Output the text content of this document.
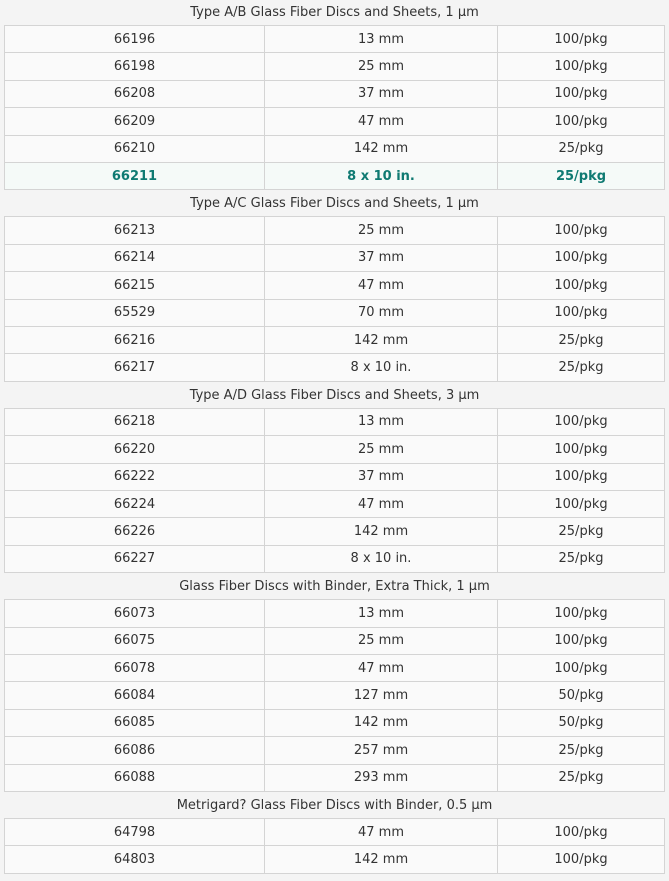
Type A/B Glass Fiber Discs and Sheets, 1 µm
66196	13 mm	100/pkg
66198	25 mm	100/pkg
66208	37 mm	100/pkg
66209	47 mm	100/pkg
66210	142 mm	25/pkg
66211	8 x 10 in.	25/pkg
Type A/C Glass Fiber Discs and Sheets, 1 µm
66213	25 mm	100/pkg
66214	37 mm	100/pkg
66215	47 mm	100/pkg
65529	70 mm	100/pkg
66216	142 mm	25/pkg
66217	8 x 10 in.	25/pkg
Type A/D Glass Fiber Discs and Sheets, 3 µm
66218	13 mm	100/pkg
66220	25 mm	100/pkg
66222	37 mm	100/pkg
66224	47 mm	100/pkg
66226	142 mm	25/pkg
66227	8 x 10 in.	25/pkg
Glass Fiber Discs with Binder, Extra Thick, 1 µm
66073	13 mm	100/pkg
66075	25 mm	100/pkg
66078	47 mm	100/pkg
66084	127 mm	50/pkg
66085	142 mm	50/pkg
66086	257 mm	25/pkg
66088	293 mm	25/pkg
Metrigard? Glass Fiber Discs with Binder, 0.5 µm
64798	47 mm	100/pkg
64803	142 mm	100/pkg
